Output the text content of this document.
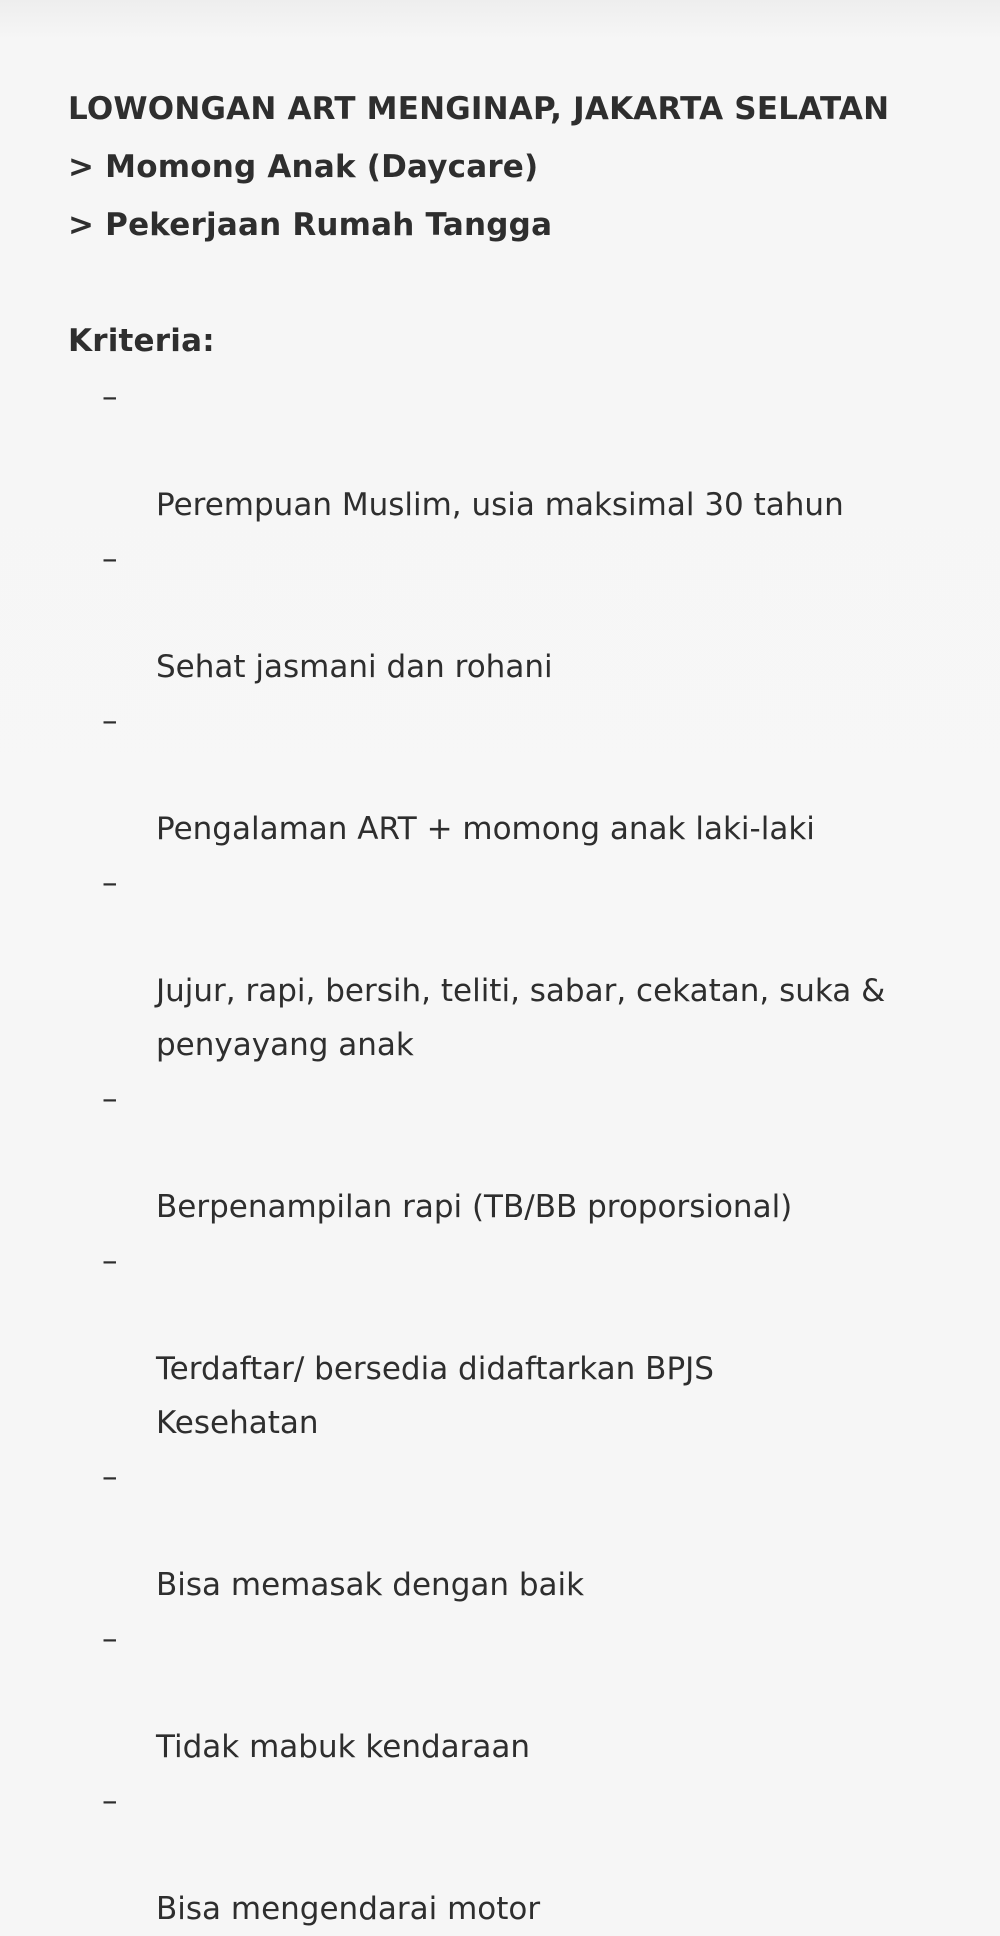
LOWONGAN ART MENGINAP, JAKARTA SELATAN
> Momong Anak (Daycare)
> Pekerjaan Rumah Tangga
Kriteria:

–

Perempuan Muslim, usia maksimal 30 tahun

–

Sehat jasmani dan rohani

–

Pengalaman ART + momong anak laki-laki

–

Jujur, rapi, bersih, teliti, sabar, cekatan, suka &
penyayang anak

–

Berpenampilan rapi (TB/BB proporsional)

–

Terdaftar/ bersedia didaftarkan BPJS
Kesehatan

–

Bisa memasak dengan baik

–

Tidak mabuk kendaraan

–

Bisa mengendarai motor
